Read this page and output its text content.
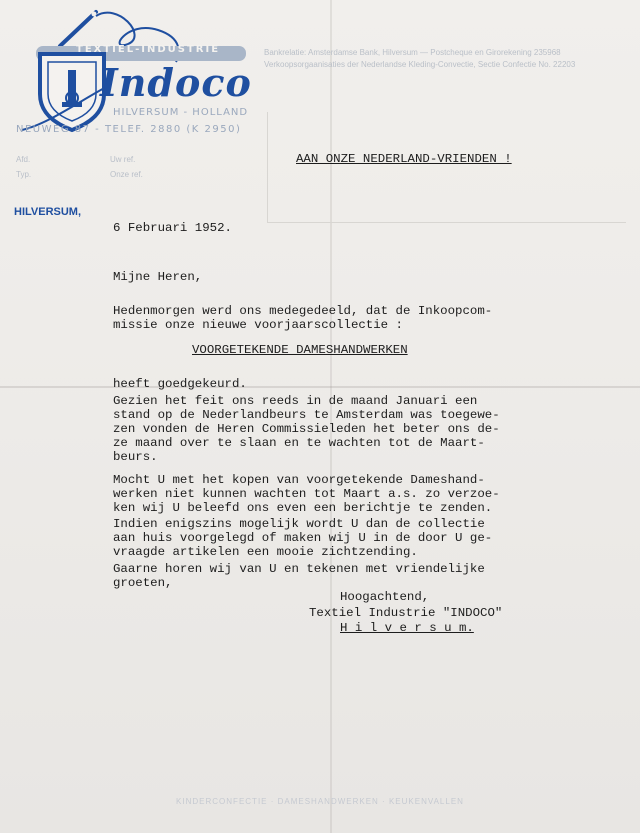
TEXTIEL-INDUSTRIE
Indoco
HILVERSUM - HOLLAND
NEUWEG 87 - TELEF. 2880 (K 2950)
Bankrelatie: Amsterdamse Bank, Hilversum — Postcheque en Girorekening 235968
Verkoopsorgaanisaties der Nederlandse Kleding-Convectie, Sectie Confectie No. 22203
Afd.
Typ.
Uw ref.
Onze ref.
HILVERSUM,
AAN ONZE NEDERLAND-VRIENDEN !
6 Februari 1952.
Mijne Heren,
Hedenmorgen werd ons medegedeeld, dat de Inkoopcom-
missie onze nieuwe voorjaarscollectie :
VOORGETEKENDE DAMESHANDWERKEN
heeft goedgekeurd.
Gezien het feit ons reeds in de maand Januari een
stand op de Nederlandbeurs te Amsterdam was toegewe-
zen vonden de Heren Commissieleden het beter ons de-
ze maand over te slaan en te wachten tot de Maart-
beurs.
Mocht U met het kopen van voorgetekende Dameshand-
werken niet kunnen wachten tot Maart a.s. zo verzoe-
ken wij U beleefd ons even een berichtje te zenden.
Indien enigszins mogelijk wordt U dan de collectie
aan huis voorgelegd of maken wij U in de door U ge-
vraagde artikelen een mooie zichtzending.
Gaarne horen wij van U en tekenen met vriendelijke
groeten,
Hoogachtend,
Textiel Industrie "INDOCO"
H i l v e r s u m.
KINDERCONFECTIE · DAMESHANDWERKEN · KEUKENVALLEN
